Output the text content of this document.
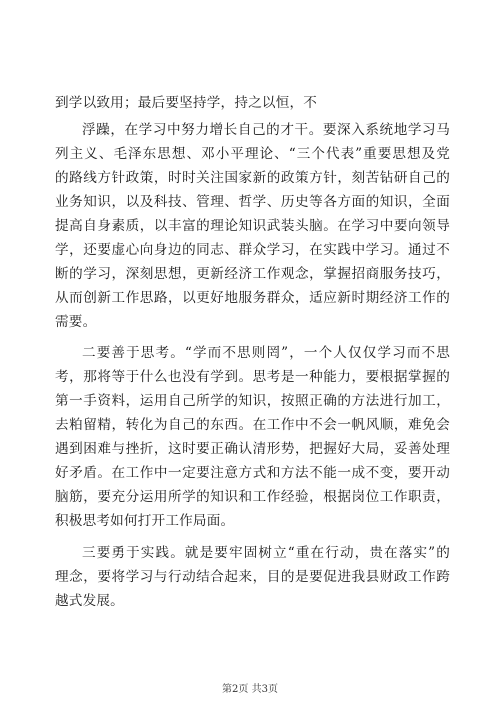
到学以致用；最后要坚持学，持之以恒，不
浮躁，在学习中努力增长自己的才干。要深入系统地学习马
列主义、毛泽东思想、邓小平理论、“三个代表”重要思想及党
的路线方针政策，时时关注国家新的政策方针，刻苦钻研自己的
业务知识，以及科技、管理、哲学、历史等各方面的知识，全面
提高自身素质，以丰富的理论知识武装头脑。在学习中要向领导
学，还要虚心向身边的同志、群众学习，在实践中学习。通过不
断的学习，深刻思想，更新经济工作观念，掌握招商服务技巧，
从而创新工作思路，以更好地服务群众，适应新时期经济工作的
需要。
二要善于思考。“学而不思则罔”，一个人仅仅学习而不思
考，那将等于什么也没有学到。思考是一种能力，要根据掌握的
第一手资料，运用自己所学的知识，按照正确的方法进行加工，
去粕留精，转化为自己的东西。在工作中不会一帆风顺，难免会
遇到困难与挫折，这时要正确认清形势，把握好大局，妥善处理
好矛盾。在工作中一定要注意方式和方法不能一成不变，要开动
脑筋，要充分运用所学的知识和工作经验，根据岗位工作职责，
积极思考如何打开工作局面。
三要勇于实践。就是要牢固树立“重在行动，贵在落实”的
理念，要将学习与行动结合起来，目的是要促进我县财政工作跨
越式发展。
第2页 共3页
